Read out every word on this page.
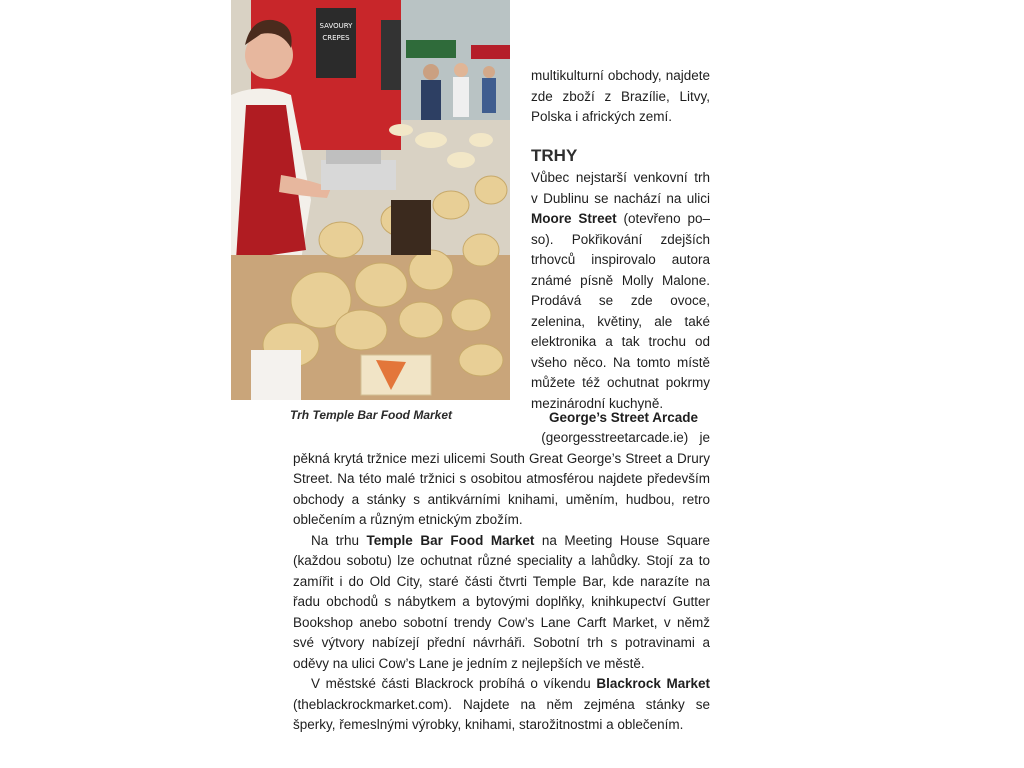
SAVOURY
CREPES
Trh Temple Bar Food Market

multikulturní obchody, najdete zde zboží z Brazílie, Litvy, Polska i afrických zemí.

TRHY

Vůbec nejstarší venkovní trh v Dublinu se nachází na ulici Moore Street (otevřeno po–so). Pokřikování zdejších trhovců inspirovalo autora známé písně Molly Malone. Prodává se zde ovoce, zelenina, květiny, ale také elektronika a tak trochu od všeho něco. Na tomto místě můžete též ochutnat pokrmy mezinárodní kuchyně.

George’s Street Arcade

(georgesstreetarcade.ie) je pěkná krytá tržnice mezi ulicemi South Great George’s Street a Drury Street. Na této malé tržnici s osobitou atmosférou najdete především obchody a stánky s antikvárními knihami, uměním, hudbou, retro oblečením a různým etnickým zbožím.

Na trhu Temple Bar Food Market na Meeting House Square (každou sobotu) lze ochutnat různé speciality a lahůdky. Stojí za to zamířit i do Old City, staré části čtvrti Temple Bar, kde narazíte na řadu obchodů s nábytkem a bytovými doplňky, knihkupectví Gutter Bookshop anebo sobotní trendy Cow’s Lane Carft Market, v němž své výtvory nabízejí přední návrháři. Sobotní trh s potravinami a oděvy na ulici Cow’s Lane je jedním z nejlepších ve městě.

V městské části Blackrock probíhá o víkendu Blackrock Market (theblackrockmarket.com). Najdete na něm zejména stánky se šperky, řemeslnými výrobky, knihami, starožitnostmi a oblečením.
